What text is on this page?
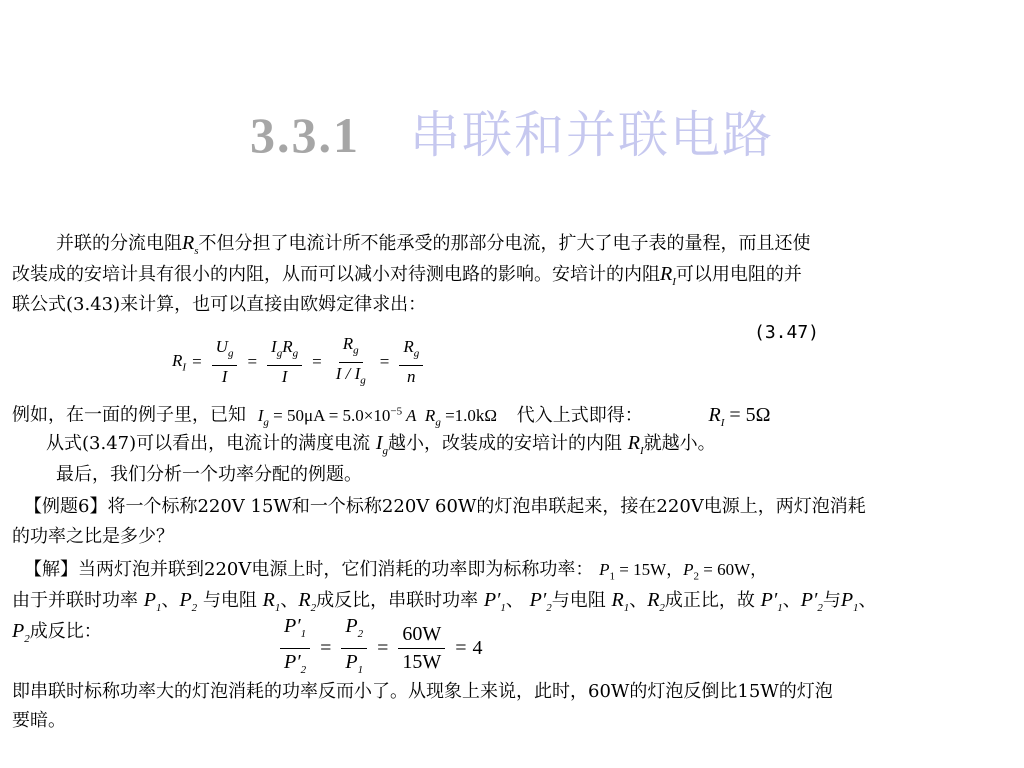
3.3.1 串联和并联电路
并联的分流电阻$R_s$不但分担了电流计所不能承受的那部分电流，扩大了电子表的量程，而且还使
改装成的安培计具有很小的内阻，从而可以减小对待测电路的影响。安培计的内阻$R_I$可以用电阻的并
联公式(3.43)来计算，也可以直接由欧姆定律求出：
(3.47)
$R_I = \frac{U_g}{I} = \frac{I_gR_g}{I} = \frac{R_g}{I / I_g} = \frac{R_g}{n}$
例如，在一面的例子里，已知 $I_g = 50\mu A = 5.0\times 10^{-5}$ A $R_g =1.0k\Omega$ 代入上式即得：	$R_I = 5\Omega$
从式(3.47)可以看出，电流计的满度电流 $I_g$越小，改装成的安培计的内阻 $R_I$就越小。
最后，我们分析一个功率分配的例题。
【例题6】将一个标称220V 15W和一个标称220V 60W的灯泡串联起来，接在220V电源上，两灯泡消耗
的功率之比是多少？
【解】当两灯泡并联到220V电源上时，它们消耗的功率即为标称功率： $P_1 = 15W$，$P_2 = 60W$，
由于并联时功率 $P_1$、$P_2$ 与电阻 $R_1$、$R_2$成反比，串联时功率 $P'_1$、 $P'_2$与电阻 $R_1$、$R_2$成正比，故 $P'_1$、$P'_2$与$P_1$、
$P_2$成反比：	$\frac{P'_1}{P'_2} = \frac{P_2}{P_1} = \frac{60W}{15W} = 4$
即串联时标称功率大的灯泡消耗的功率反而小了。从现象上来说，此时，60W的灯泡反倒比15W的灯泡
要暗。
